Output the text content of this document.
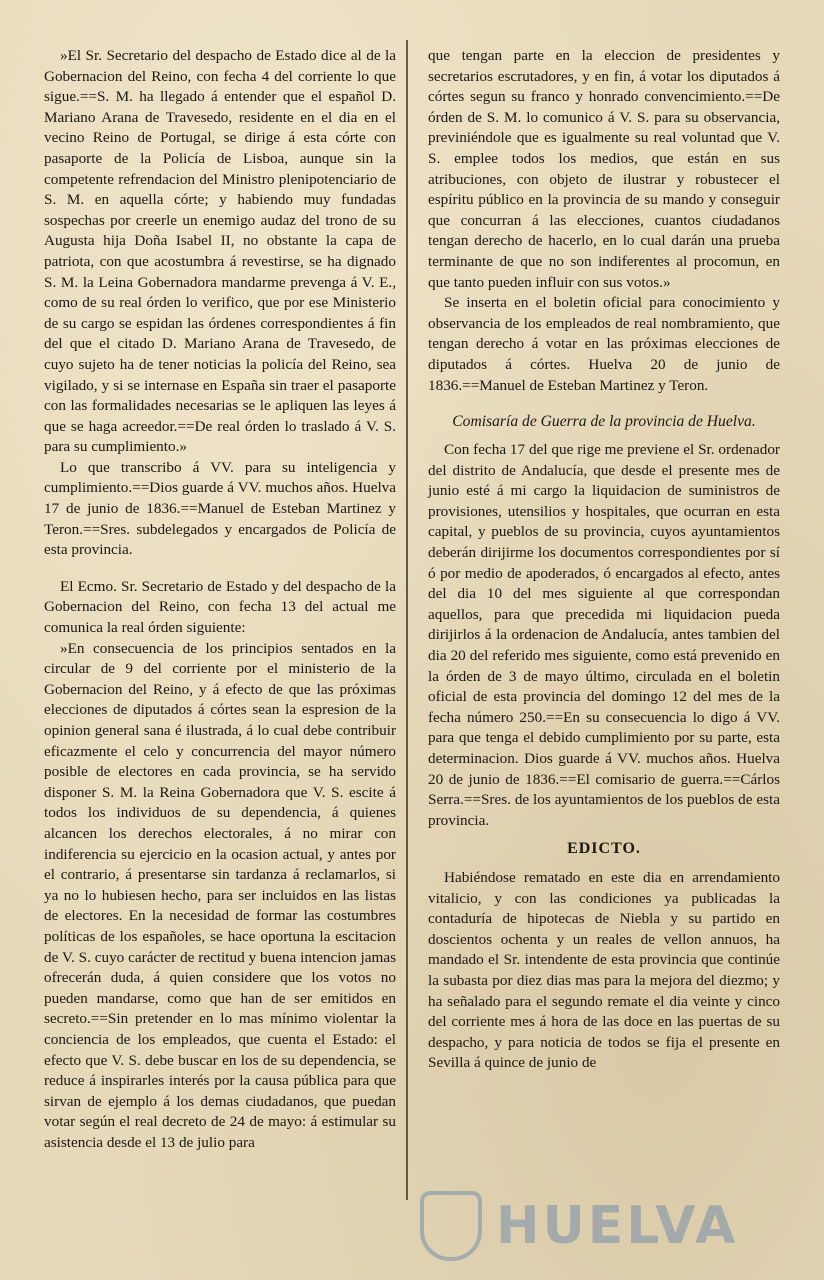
»El Sr. Secretario del despacho de Estado dice al de la Gobernacion del Reino, con fecha 4 del corriente lo que sigue.==S. M. ha llegado á entender que el español D. Mariano Arana de Travesedo, residente en el dia en el vecino Reino de Portugal, se dirige á esta córte con pasaporte de la Policía de Lisboa, aunque sin la competente refrendacion del Ministro plenipotenciario de S. M. en aquella córte; y habiendo muy fundadas sospechas por creerle un enemigo audaz del trono de su Augusta hija Doña Isabel II, no obstante la capa de patriota, con que acostumbra á revestirse, se ha dignado S. M. la Leina Gobernadora mandarme prevenga á V. E., como de su real órden lo verifico, que por ese Ministerio de su cargo se espidan las órdenes correspondientes á fin del que el citado D. Mariano Arana de Travesedo, de cuyo sujeto ha de tener noticias la policía del Reino, sea vigilado, y si se internase en España sin traer el pasaporte con las formalidades necesarias se le apliquen las leyes á que se haga acreedor.==De real órden lo traslado á V. S. para su cumplimiento.»

Lo que transcribo á VV. para su inteligencia y cumplimiento.==Dios guarde á VV. muchos años. Huelva 17 de junio de 1836.==Manuel de Esteban Martinez y Teron.==Sres. subdelegados y encargados de Policía de esta provincia.

El Ecmo. Sr. Secretario de Estado y del despacho de la Gobernacion del Reino, con fecha 13 del actual me comunica la real órden siguiente:

»En consecuencia de los principios sentados en la circular de 9 del corriente por el ministerio de la Gobernacion del Reino, y á efecto de que las próximas elecciones de diputados á córtes sean la espresion de la opinion general sana é ilustrada, á lo cual debe contribuir eficazmente el celo y concurrencia del mayor número posible de electores en cada provincia, se ha servido disponer S. M. la Reina Gobernadora que V. S. escite á todos los individuos de su dependencia, á quienes alcancen los derechos electorales, á no mirar con indiferencia su ejercicio en la ocasion actual, y antes por el contrario, á presentarse sin tardanza á reclamarlos, si ya no lo hubiesen hecho, para ser incluidos en las listas de electores. En la necesidad de formar las costumbres políticas de los españoles, se hace oportuna la escitacion de V. S. cuyo carácter de rectitud y buena intencion jamas ofrecerán duda, á quien considere que los votos no pueden mandarse, como que han de ser emitidos en secreto.==Sin pretender en lo mas mínimo violentar la conciencia de los empleados, que cuenta el Estado: el efecto que V. S. debe buscar en los de su dependencia, se reduce á inspirarles interés por la causa pública para que sirvan de ejemplo á los demas ciudadanos, que puedan votar según el real decreto de 24 de mayo: á estimular su asistencia desde el 13 de julio para

que tengan parte en la eleccion de presidentes y secretarios escrutadores, y en fin, á votar los diputados á córtes segun su franco y honrado convencimiento.==De órden de S. M. lo comunico á V. S. para su observancia, previniéndole que es igualmente su real voluntad que V. S. emplee todos los medios, que están en sus atribuciones, con objeto de ilustrar y robustecer el espíritu público en la provincia de su mando y conseguir que concurran á las elecciones, cuantos ciudadanos tengan derecho de hacerlo, en lo cual darán una prueba terminante de que no son indiferentes al procomun, en que tanto pueden influir con sus votos.»

Se inserta en el boletin oficial para conocimiento y observancia de los empleados de real nombramiento, que tengan derecho á votar en las próximas elecciones de diputados á córtes. Huelva 20 de junio de 1836.==Manuel de Esteban Martinez y Teron.

Comisaría de Guerra de la provincia de Huelva.

Con fecha 17 del que rige me previene el Sr. ordenador del distrito de Andalucía, que desde el presente mes de junio esté á mi cargo la liquidacion de suministros de provisiones, utensilios y hospitales, que ocurran en esta capital, y pueblos de su provincia, cuyos ayuntamientos deberán dirijirme los documentos correspondientes por sí ó por medio de apoderados, ó encargados al efecto, antes del dia 10 del mes siguiente al que correspondan aquellos, para que precedida mi liquidacion pueda dirijirlos á la ordenacion de Andalucía, antes tambien del dia 20 del referido mes siguiente, como está prevenido en la órden de 3 de mayo último, circulada en el boletin oficial de esta provincia del domingo 12 del mes de la fecha número 250.==En su consecuencia lo digo á VV. para que tenga el debido cumplimiento por su parte, esta determinacion. Dios guarde á VV. muchos años. Huelva 20 de junio de 1836.==El comisario de guerra.==Cárlos Serra.==Sres. de los ayuntamientos de los pueblos de esta provincia.

EDICTO.

Habiéndose rematado en este dia en arrendamiento vitalicio, y con las condiciones ya publicadas la contaduría de hipotecas de Niebla y su partido en doscientos ochenta y un reales de vellon annuos, ha mandado el Sr. intendente de esta provincia que continúe la subasta por diez dias mas para la mejora del diezmo; y ha señalado para el segundo remate el dia veinte y cinco del corriente mes á hora de las doce en las puertas de su despacho, y para noticia de todos se fija el presente en Sevilla á quince de junio de

HUELVA
